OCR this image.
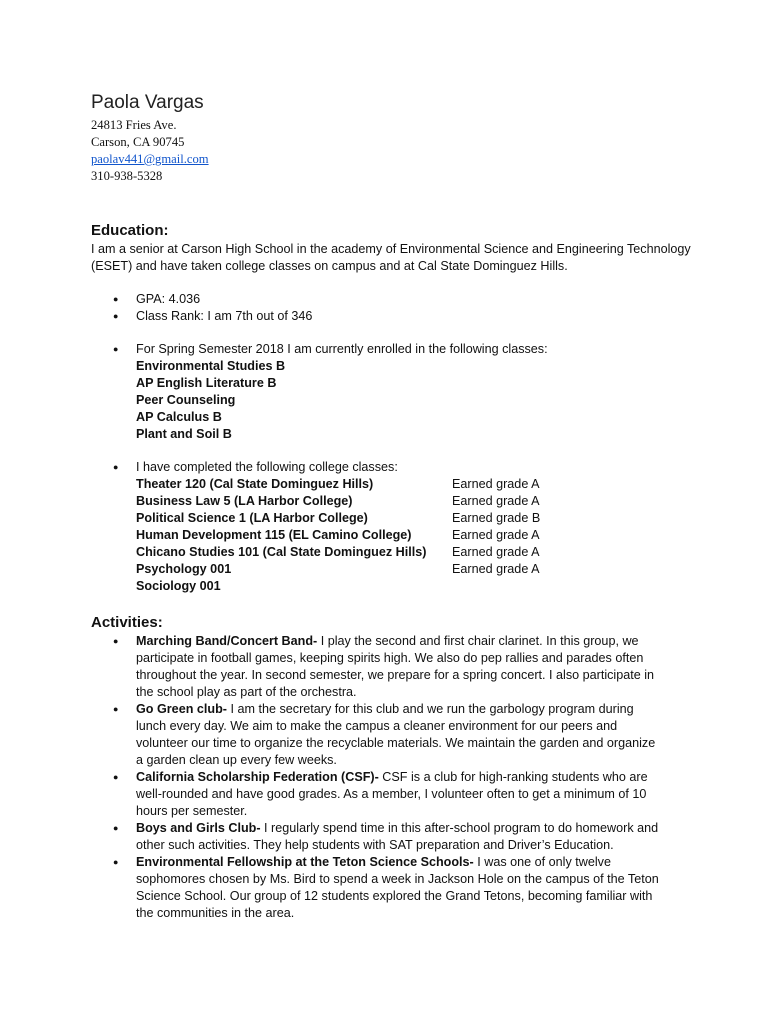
Paola Vargas
24813 Fries Ave.
Carson, CA 90745
paolav441@gmail.com
310-938-5328
Education:

I am a senior at Carson High School in the academy of Environmental Science and Engineering Technology (ESET) and have taken college classes on campus and at Cal State Dominguez Hills.

● GPA: 4.036
● Class Rank: I am 7th out of 346
● For Spring Semester 2018 I am currently enrolled in the following classes:
Environmental Studies B
AP English Literature B
Peer Counseling
AP Calculus B
Plant and Soil B
● I have completed the following college classes:
Theater 120 (Cal State Dominguez Hills)	Earned grade A
Business Law 5 (LA Harbor College)	Earned grade A
Political Science 1 (LA Harbor College)	Earned grade B
Human Development 115 (EL Camino College)	Earned grade A
Chicano Studies 101 (Cal State Dominguez Hills)	Earned grade A
Psychology 001	Earned grade A
Sociology 001
Activities:
● Marching Band/Concert Band- I play the second and first chair clarinet. In this group, we participate in football games, keeping spirits high. We also do pep rallies and parades often throughout the year. In second semester, we prepare for a spring concert. I also participate in the school play as part of the orchestra.
● Go Green club- I am the secretary for this club and we run the garbology program during lunch every day. We aim to make the campus a cleaner environment for our peers and volunteer our time to organize the recyclable materials. We maintain the garden and organize a garden clean up every few weeks.
● California Scholarship Federation (CSF)- CSF is a club for high-ranking students who are well-rounded and have good grades. As a member, I volunteer often to get a minimum of 10 hours per semester.
● Boys and Girls Club- I regularly spend time in this after-school program to do homework and other such activities. They help students with SAT preparation and Driver’s Education.
● Environmental Fellowship at the Teton Science Schools- I was one of only twelve sophomores chosen by Ms. Bird to spend a week in Jackson Hole on the campus of the Teton Science School. Our group of 12 students explored the Grand Tetons, becoming familiar with the communities in the area.
